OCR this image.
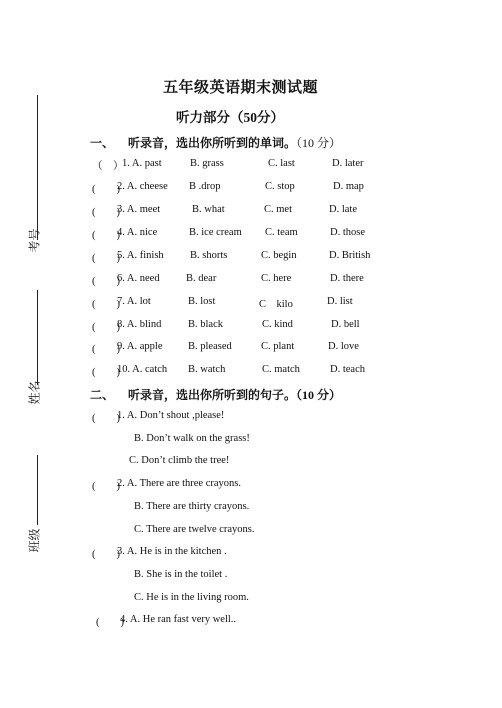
考号
姓名
班级
五年级英语期末测试题
听力部分（50分）
一、 听录音，选出你所听到的单词。（10 分）
（　）
1. A. past	B. grass	C. last	D. later
(　　)
2. A. cheese B .drop	C. stop	D. map
(　　)
3. A. meet	B. what	C. met	D. late
(　　)
4. A. nice	B. ice cream C. team	D. those
(　　)
5. A. finish	B. shorts	C. begin	D. British
(　　)
6. A. need	B. dear	C. here	D. there
(　　)
7. A. lot	B. lost	C　kilo	D. list
(　　)
8. A. blind	B. black	C. kind	D. bell
(　　)
9. A. apple B. pleased	C. plant	D. love
(　　)
10. A. catch B. watch	C. match	D. teach
二、 听录音，选出你所听到的句子。（10 分）
(　　)
1. A. Don’t shout ,please!
B. Don’t walk on the grass!
C. Don’t climb the tree!
(　　)
2. A. There are three crayons.
B. There are thirty crayons.
C. There are twelve crayons.
(　　)
3. A. He is in the kitchen .
B. She is in the toilet .
C. He is in the living room.
(　　)
4. A. He ran fast very well..
